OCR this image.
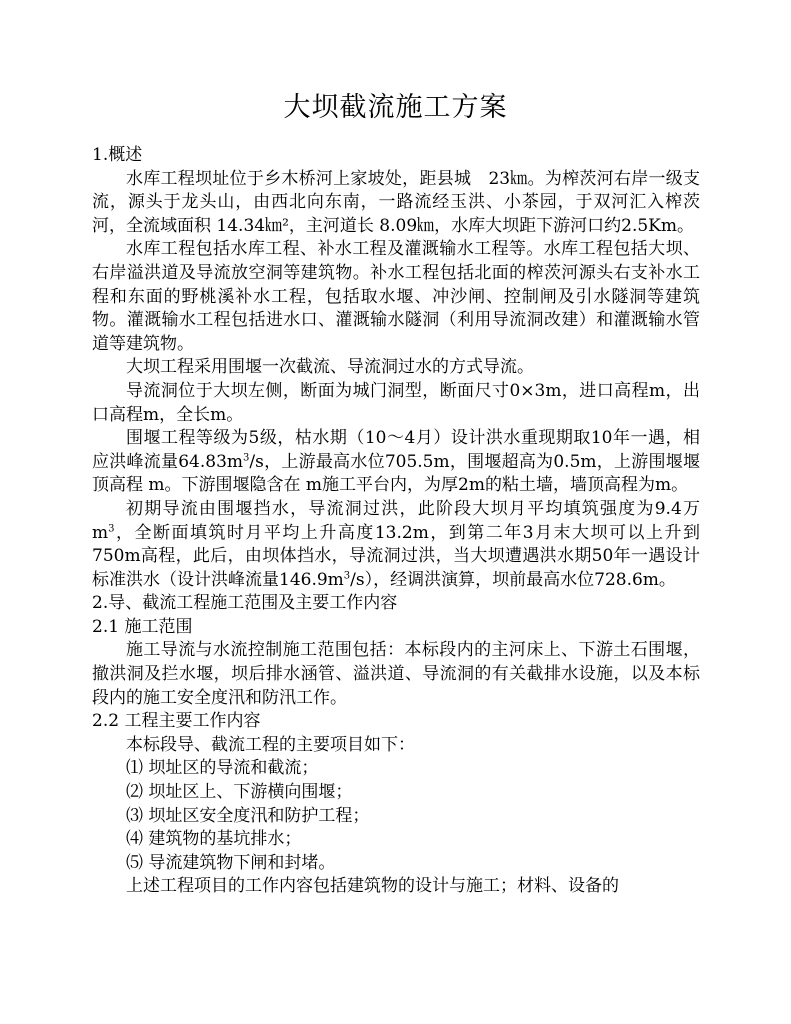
大坝截流施工方案

1.概述

水库工程坝址位于乡木桥河上家坡处，距县城　23㎞。为榨茨河右岸一级支流，源头于龙头山，由西北向东南，一路流经玉洪、小茶园，于双河汇入榨茨河，全流域面积 14.34㎞²，主河道长 8.09㎞，水库大坝距下游河口约2.5Κm。

水库工程包括水库工程、补水工程及灌溉输水工程等。水库工程包括大坝、右岸溢洪道及导流放空洞等建筑物。补水工程包括北面的榨茨河源头右支补水工程和东面的野桃溪补水工程，包括取水堰、冲沙闸、控制闸及引水隧洞等建筑物。灌溉输水工程包括进水口、灌溉输水隧洞（利用导流洞改建）和灌溉输水管道等建筑物。

大坝工程采用围堰一次截流、导流洞过水的方式导流。

导流洞位于大坝左侧，断面为城门洞型，断面尺寸0×3m，进口高程m，出口高程m，全长m。

围堰工程等级为5级，枯水期（10～4月）设计洪水重现期取10年一遇，相应洪峰流量$64.83m^3/s$，上游最高水位705.5m，围堰超高为0.5m，上游围堰堰顶高程 m。下游围堰隐含在 m施工平台内，为厚2m的粘土墙，墙顶高程为m。

初期导流由围堰挡水，导流洞过洪，此阶段大坝月平均填筑强度为9.4万$m^3$，全断面填筑时月平均上升高度13.2m，到第二年3月末大坝可以上升到750m高程，此后，由坝体挡水，导流洞过洪，当大坝遭遇洪水期50年一遇设计标准洪水（设计洪峰流量$146.9m^3/s$），经调洪演算，坝前最高水位728.6m。

2.导、截流工程施工范围及主要工作内容

2.1 施工范围

施工导流与水流控制施工范围包括：本标段内的主河床上、下游土石围堰，撤洪洞及拦水堰，坝后排水涵管、溢洪道、导流洞的有关截排水设施，以及本标段内的施工安全度汛和防汛工作。

2.2 工程主要工作内容

本标段导、截流工程的主要项目如下：

⑴ 坝址区的导流和截流；

⑵ 坝址区上、下游横向围堰；

⑶ 坝址区安全度汛和防护工程；

⑷ 建筑物的基坑排水；

⑸ 导流建筑物下闸和封堵。

上述工程项目的工作内容包括建筑物的设计与施工；材料、设备的
